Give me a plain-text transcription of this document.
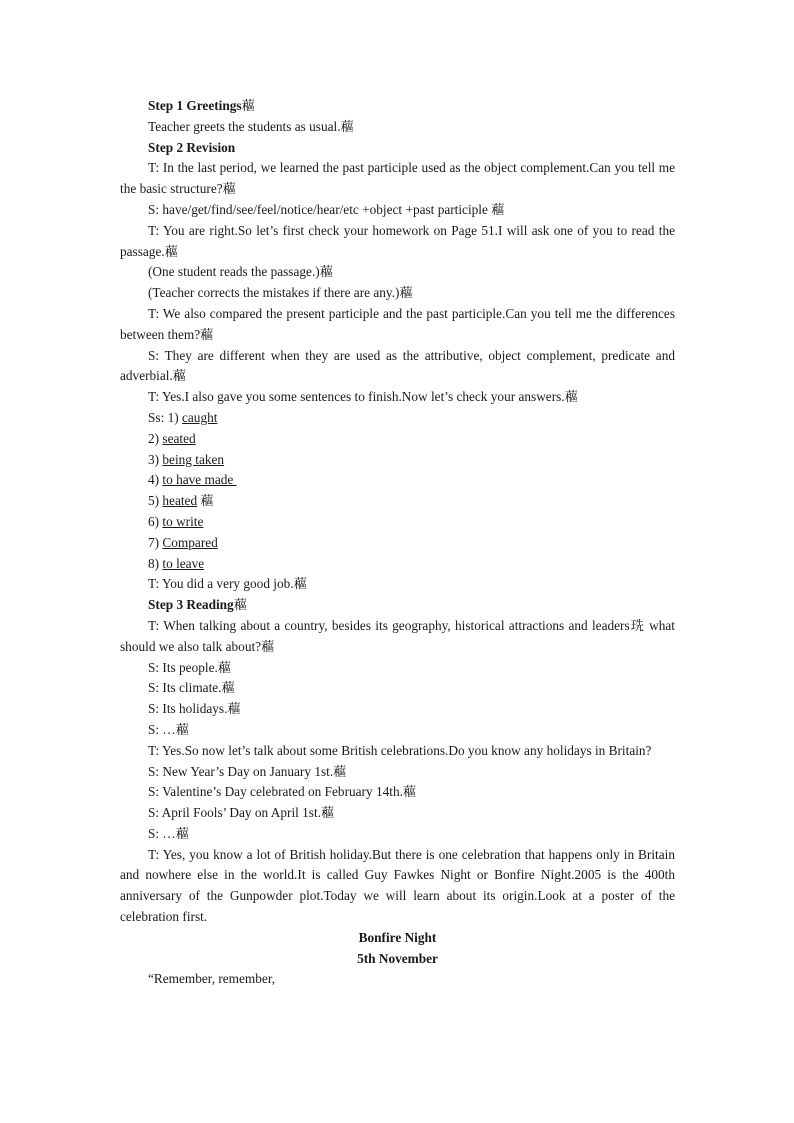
Step 1 Greetings藲

Teacher greets the students as usual.藲

Step 2 Revision

T: In the last period, we learned the past participle used as the object complement.Can you tell me the basic structure?藲

S: have/get/find/see/feel/notice/hear/etc +object +past participle 藲

T: You are right.So let’s first check your homework on Page 51.I will ask one of you to read the passage.藲

(One student reads the passage.)藲

(Teacher corrects the mistakes if there are any.)藲

T: We also compared the present participle and the past participle.Can you tell me the differences between them?藲

S: They are different when they are used as the attributive, object complement, predicate and adverbial.藲

T: Yes.I also gave you some sentences to finish.Now let’s check your answers.藲

Ss: 1) caught

2) seated

3) being taken

4) to have made

5) heated 藲

6) to write

7) Compared

8) to leave

T: You did a very good job.藲

Step 3 Reading藲

T: When talking about a country, besides its geography, historical attractions and leaders珗 what should we also talk about?藲

S: Its people.藲

S: Its climate.藲

S: Its holidays.藲

S: …藲

T: Yes.So now let’s talk about some British celebrations.Do you know any holidays in Britain?

S: New Year’s Day on January 1st.藲

S: Valentine’s Day celebrated on February 14th.藲

S: April Fools’ Day on April 1st.藲

S: …藲

T: Yes, you know a lot of British holiday.But there is one celebration that happens only in Britain and nowhere else in the world.It is called Guy Fawkes Night or Bonfire Night.2005 is the 400th anniversary of the Gunpowder plot.Today we will learn about its origin.Look at a poster of the celebration first.

Bonfire Night

5th November

“Remember, remember,
